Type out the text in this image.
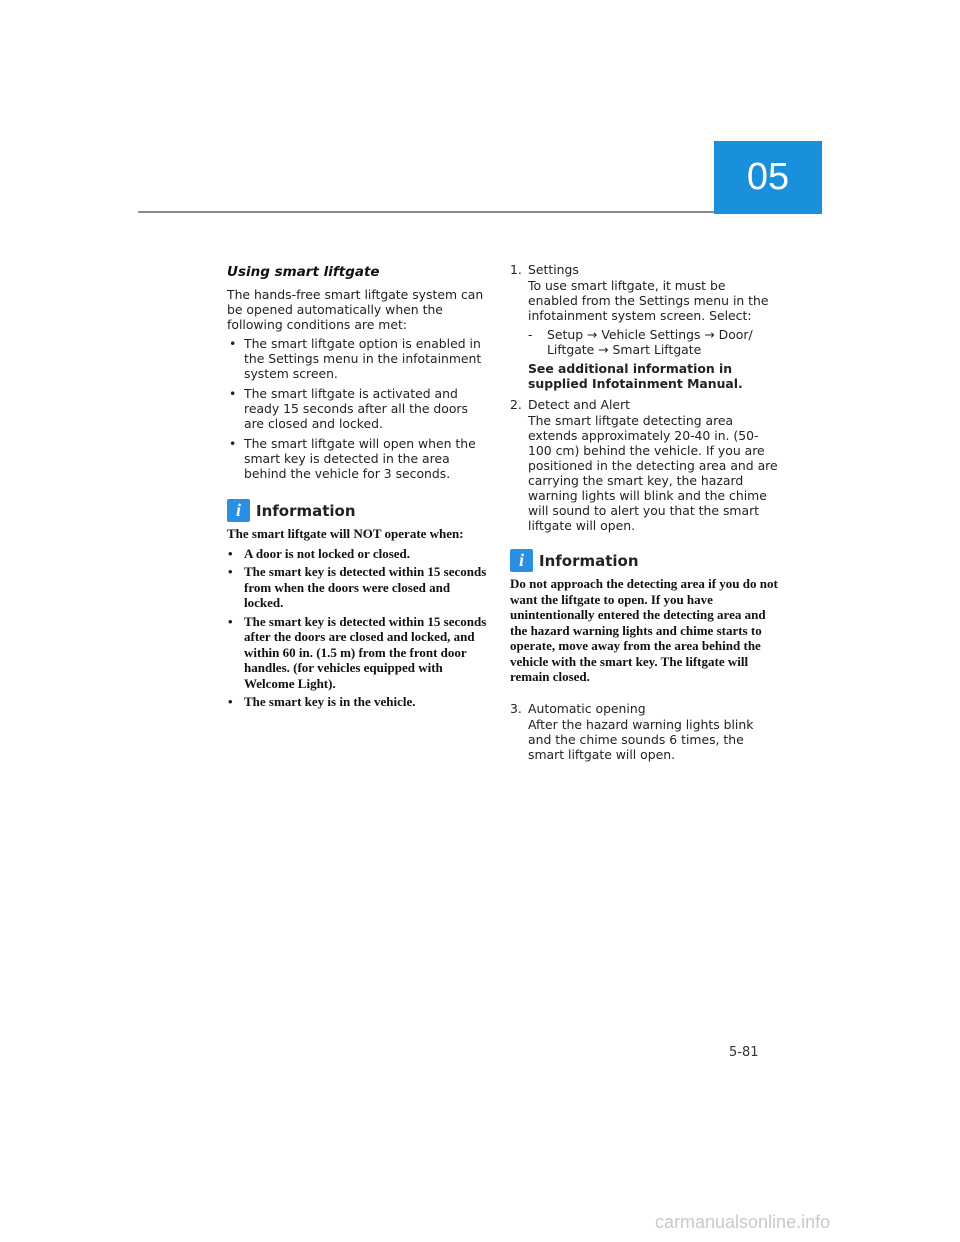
05
Using smart liftgate
The hands-free smart liftgate system can be opened automatically when the following conditions are met:
• The smart liftgate option is enabled in the Settings menu in the infotainment system screen.
• The smart liftgate is activated and ready 15 seconds after all the doors are closed and locked.
• The smart liftgate will open when the smart key is detected in the area behind the vehicle for 3 seconds.
i	Information
The smart liftgate will NOT operate when:
• A door is not locked or closed.
• The smart key is detected within 15 seconds from when the doors were closed and locked.
• The smart key is detected within 15 seconds after the doors are closed and locked, and within 60 in. (1.5 m) from the front door handles. (for vehicles equipped with Welcome Light).
• The smart key is in the vehicle.
1. Settings
To use smart liftgate, it must be enabled from the Settings menu in the infotainment system screen. Select:
- Setup → Vehicle Settings → Door/ Liftgate → Smart Liftgate
See additional information in supplied Infotainment Manual.
2. Detect and Alert
The smart liftgate detecting area extends approximately 20-40 in. (50-100 cm) behind the vehicle. If you are positioned in the detecting area and are carrying the smart key, the hazard warning lights will blink and the chime will sound to alert you that the smart liftgate will open.
i	Information
Do not approach the detecting area if you do not want the liftgate to open. If you have unintentionally entered the detecting area and the hazard warning lights and chime starts to operate, move away from the area behind the vehicle with the smart key. The liftgate will remain closed.
3. Automatic opening
After the hazard warning lights blink and the chime sounds 6 times, the smart liftgate will open.
5-81
carmanualsonline.info
